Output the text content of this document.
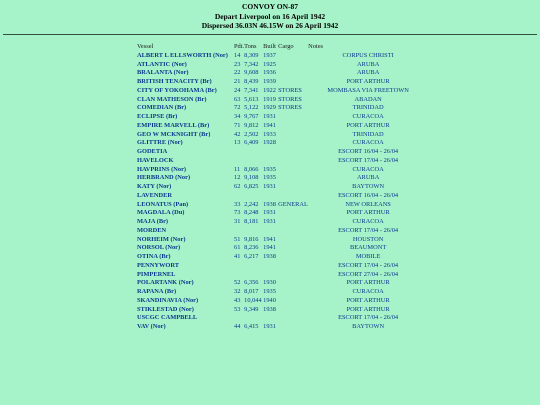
CONVOY ON-87
Depart Liverpool on 16 April 1942
Dispersed 36.03N 46.15W on 26 April 1942
Vessel	Pdt.	Tons	Built	Cargo	Notes
ALBERT L ELLSWORTH (Nor)	14	8,309	1937		CORPUS CHRISTI
ATLANTIC (Nor)	23	7,342	1925		ARUBA
BRALANTA (Nor)	22	9,608	1936		ARUBA
BRITISH TENACITY (Br)	21	8,439	1939		PORT ARTHUR
CITY OF YOKOHAMA (Br)	24	7,341	1922	STORES	MOMBASA VIA FREETOWN
CLAN MATHESON (Br)	63	5,613	1919	STORES	ABADAN
COMEDIAN (Br)	72	5,122	1929	STORES	TRINIDAD
ECLIPSE (Br)	34	9,767	1931		CURACOA
EMPIRE MARVELL (Br)	71	9,812	1941		PORT ARTHUR
GEO W MCKNIGHT (Br)	42	2,502	1933		TRINIDAD
GLITTRE (Nor)	13	6,409	1928		CURACOA
GODETIA					ESCORT 16/04 - 26/04
HAVELOCK					ESCORT 17/04 - 26/04
HAVPRINS (Nor)	11	8,066	1935		CURACOA
HERBRAND (Nor)	12	9,108	1935		ARUBA
KATY (Nor)	62	6,825	1931		BAYTOWN
LAVENDER					ESCORT 16/04 - 26/04
LEONATUS (Pan)	33	2,242	1938	GENERAL	NEW ORLEANS
MAGDALA (Du)	73	8,248	1931		PORT ARTHUR
MAJA (Br)	31	8,181	1931		CURACOA
MORDEN					ESCORT 17/04 - 26/04
NORHEIM (Nor)	51	9,816	1941		HOUSTON
NORSOL (Nor)	61	8,236	1941		BEAUMONT
OTINA (Br)	41	6,217	1938		MOBILE
PENNYWORT					ESCORT 17/04 - 26/04
PIMPERNEL					ESCORT 27/04 - 26/04
POLARTANK (Nor)	52	6,356	1930		PORT ARTHUR
RAPANA (Br)	32	8,017	1935		CURACOA
SKANDINAVIA (Nor)	43	10,044	1940		PORT ARTHUR
STIKLESTAD (Nor)	53	9,349	1938		PORT ARTHUR
USCGC CAMPBELL					ESCORT 17/04 - 26/04
VAV (Nor)	44	6,415	1931		BAYTOWN
